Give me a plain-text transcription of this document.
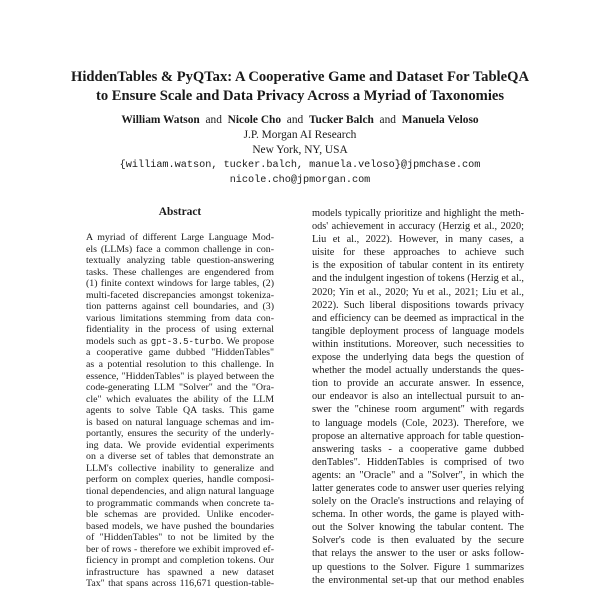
HiddenTables & PyQTax: A Cooperative Game and Dataset For TableQA
to Ensure Scale and Data Privacy Across a Myriad of Taxonomies
William Watson and Nicole Cho and Tucker Balch and Manuela Veloso
J.P. Morgan AI Research
New York, NY, USA
{william.watson, tucker.balch, manuela.veloso}@jpmchase.com
nicole.cho@jpmorgan.com
Abstract
A myriad of different Large Language Mod-
els (LLMs) face a common challenge in con-
textually analyzing table question-answering
tasks. These challenges are engendered from
(1) finite context windows for large tables, (2)
multi-faceted discrepancies amongst tokeniza-
tion patterns against cell boundaries, and (3)
various limitations stemming from data con-
fidentiality in the process of using external
models such as gpt-3.5-turbo. We propose
a cooperative game dubbed "HiddenTables"
as a potential resolution to this challenge. In
essence, "HiddenTables" is played between the
code-generating LLM "Solver" and the "Ora-
cle" which evaluates the ability of the LLM
agents to solve Table QA tasks. This game
is based on natural language schemas and im-
portantly, ensures the security of the underly-
ing data. We provide evidential experiments
on a diverse set of tables that demonstrate an
LLM's collective inability to generalize and
perform on complex queries, handle composi-
tional dependencies, and align natural language
to programmatic commands when concrete ta-
ble schemas are provided. Unlike encoder-
based models, we have pushed the boundaries
of "HiddenTables" to not be limited by the
ber of rows - therefore we exhibit improved ef-
ficiency in prompt and completion tokens. Our
infrastructure has spawned a new dataset
Tax" that spans across 116,671 question-table-
models typically prioritize and highlight the meth-
ods' achievement in accuracy (Herzig et al., 2020;
Liu et al., 2022). However, in many cases, a
uisite for these approaches to achieve such
is the exposition of tabular content in its entirety
and the indulgent ingestion of tokens (Herzig et al.,
2020; Yin et al., 2020; Yu et al., 2021; Liu et al.,
2022). Such liberal dispositions towards privacy
and efficiency can be deemed as impractical in the
tangible deployment process of language models
within institutions. Moreover, such necessities to
expose the underlying data begs the question of
whether the model actually understands the ques-
tion to provide an accurate answer. In essence,
our endeavor is also an intellectual pursuit to an-
swer the "chinese room argument" with regards
to language models (Cole, 2023). Therefore, we
propose an alternative approach for table question-
answering tasks - a cooperative game dubbed
denTables". HiddenTables is comprised of two
agents: an "Oracle" and a "Solver", in which the
latter generates code to answer user queries relying
solely on the Oracle's instructions and relaying of
schema. In other words, the game is played with-
out the Solver knowing the tabular content. The
Solver's code is then evaluated by the secure
that relays the answer to the user or asks follow-
up questions to the Solver. Figure 1 summarizes
the environmental set-up that our method enables
